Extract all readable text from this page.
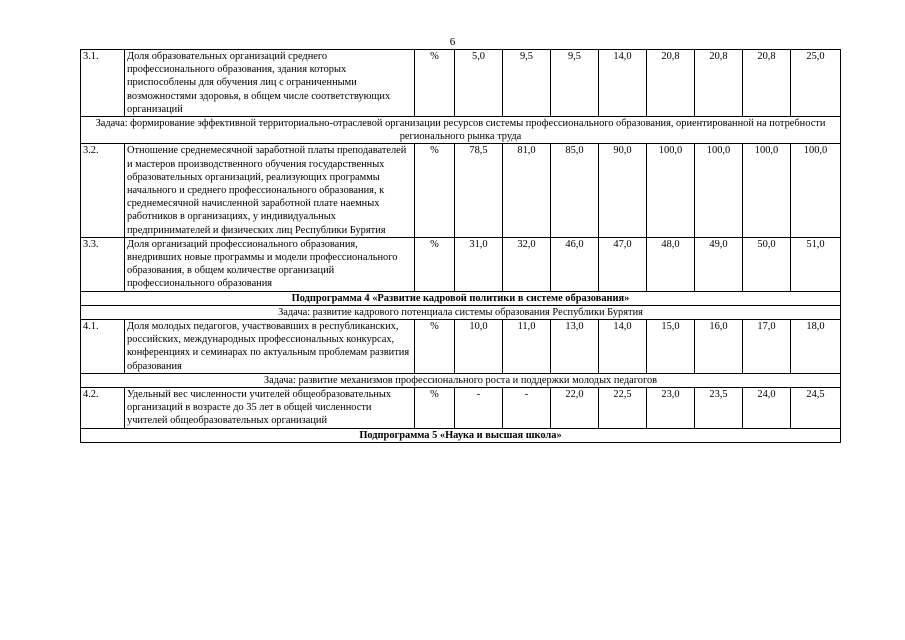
6
3.1.	Доля образовательных организаций среднего профессионального образования, здания которых приспособлены для обучения лиц с ограниченными возможностями здоровья, в общем числе соответствующих организаций	%	5,0	9,5	9,5	14,0	20,8	20,8	20,8	25,0
Задача: формирование эффективной территориально-отраслевой организации ресурсов системы профессионального образования, ориентированной на потребности регионального рынка труда										
3.2.	Отношение среднемесячной заработной платы преподавателей и мастеров производственного обучения государственных образовательных организаций, реализующих программы начального и среднего профессионального образования, к среднемесячной начисленной заработной плате наемных работников в организациях, у индивидуальных предпринимателей и физических лиц Республики Бурятия	%	78,5	81,0	85,0	90,0	100,0	100,0	100,0	100,0
3.3.	Доля организаций профессионального образования, внедривших новые программы и модели профессионального образования, в общем количестве организаций профессионального образования	%	31,0	32,0	46,0	47,0	48,0	49,0	50,0	51,0
Подпрограмма 4 «Развитие кадровой политики в системе образования»										
Задача: развитие кадрового потенциала системы образования Республики Бурятия										
4.1.	Доля молодых педагогов, участвовавших в республиканских, российских, международных профессиональных конкурсах, конференциях и семинарах по актуальным проблемам развития образования	%	10,0	11,0	13,0	14,0	15,0	16,0	17,0	18,0
Задача: развитие механизмов профессионального роста и поддержки молодых педагогов										
4.2.	Удельный вес численности учителей общеобразовательных организаций в возрасте до 35 лет в общей численности учителей общеобразовательных организаций	%	-	-	22,0	22,5	23,0	23,5	24,0	24,5
Подпрограмма 5 «Наука и высшая школа»										
